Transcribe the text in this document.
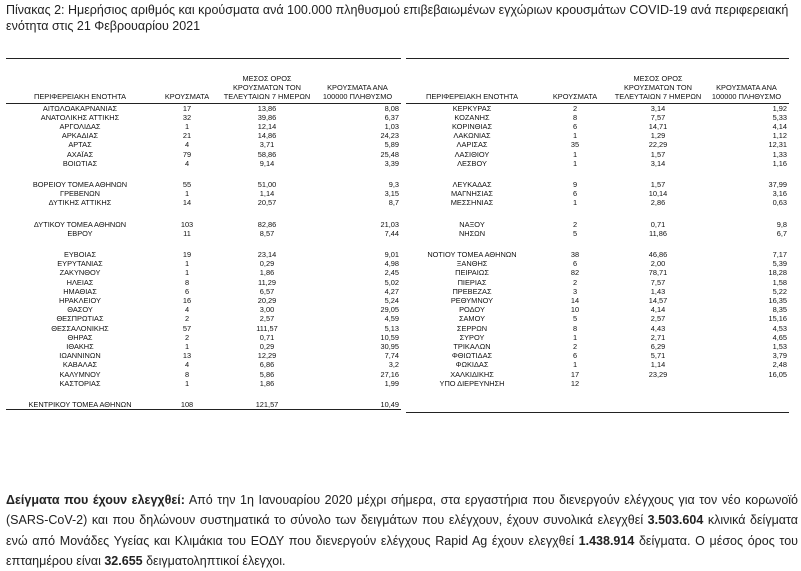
Πίνακας 2: Ημερήσιος αριθμός και κρούσματα ανά 100.000 πληθυσμού επιβεβαιωμένων εγχώριων κρουσμάτων COVID-19 ανά περιφερειακή ενότητα στις 21 Φεβρουαρίου 2021

ΠΕΡΙΦΕΡΕΙΑΚΗ ΕΝΟΤΗΤΑ	ΚΡΟΥΣΜΑΤΑ	ΜΕΣΟΣ ΟΡΟΣ ΚΡΟΥΣΜΑΤΩΝ ΤΟΝ ΤΕΛΕΥΤΑΙΩΝ 7 ΗΜΕΡΩΝ	ΚΡΟΥΣΜΑΤΑ ΑΝΑ 100000 ΠΛΗΘΥΣΜΟ
ΑΙΤΩΛΟΑΚΑΡΝΑΝΙΑΣ	17	13,86	8,08
ΑΝΑΤΟΛΙΚΗΣ ΑΤΤΙΚΗΣ	32	39,86	6,37
ΑΡΓΟΛΙΔΑΣ	1	12,14	1,03
ΑΡΚΑΔΙΑΣ	21	14,86	24,23
ΑΡΤΑΣ	4	3,71	5,89
ΑΧΑΪΑΣ	79	58,86	25,48
ΒΟΙΩΤΙΑΣ	4	9,14	3,39

ΒΟΡΕΙΟΥ ΤΟΜΕΑ ΑΘΗΝΩΝ	55	51,00	9,3
ΓΡΕΒΕΝΩΝ	1	1,14	3,15
ΔΥΤΙΚΗΣ ΑΤΤΙΚΗΣ	14	20,57	8,7

ΔΥΤΙΚΟΥ ΤΟΜΕΑ ΑΘΗΝΩΝ	103	82,86	21,03
ΕΒΡΟΥ	11	8,57	7,44

ΕΥΒΟΙΑΣ	19	23,14	9,01
ΕΥΡΥΤΑΝΙΑΣ	1	0,29	4,98
ΖΑΚΥΝΘΟΥ	1	1,86	2,45
ΗΛΕΙΑΣ	8	11,29	5,02
ΗΜΑΘΙΑΣ	6	6,57	4,27
ΗΡΑΚΛΕΙΟΥ	16	20,29	5,24
ΘΑΣΟΥ	4	3,00	29,05
ΘΕΣΠΡΩΤΙΑΣ	2	2,57	4,59
ΘΕΣΣΑΛΟΝΙΚΗΣ	57	111,57	5,13
ΘΗΡΑΣ	2	0,71	10,59
ΙΘΑΚΗΣ	1	0,29	30,95
ΙΩΑΝΝΙΝΩΝ	13	12,29	7,74
ΚΑΒΑΛΑΣ	4	6,86	3,2
ΚΑΛΥΜΝΟΥ	8	5,86	27,16
ΚΑΣΤΟΡΙΑΣ	1	1,86	1,99

ΚΕΝΤΡΙΚΟΥ ΤΟΜΕΑ ΑΘΗΝΩΝ	108	121,57	10,49

ΠΕΡΙΦΕΡΕΙΑΚΗ ΕΝΟΤΗΤΑ	ΚΡΟΥΣΜΑΤΑ	ΜΕΣΟΣ ΟΡΟΣ ΚΡΟΥΣΜΑΤΩΝ ΤΟΝ ΤΕΛΕΥΤΑΙΩΝ 7 ΗΜΕΡΩΝ	ΚΡΟΥΣΜΑΤΑ ΑΝΑ 100000 ΠΛΗΘΥΣΜΟ
ΚΕΡΚΥΡΑΣ	2	3,14	1,92
ΚΟΖΑΝΗΣ	8	7,57	5,33
ΚΟΡΙΝΘΙΑΣ	6	14,71	4,14
ΛΑΚΩΝΙΑΣ	1	1,29	1,12
ΛΑΡΙΣΑΣ	35	22,29	12,31
ΛΑΣΙΘΙΟΥ	1	1,57	1,33
ΛΕΣΒΟΥ	1	3,14	1,16

ΛΕΥΚΑΔΑΣ	9	1,57	37,99
ΜΑΓΝΗΣΙΑΣ	6	10,14	3,16
ΜΕΣΣΗΝΙΑΣ	1	2,86	0,63

ΝΑΞΟΥ	2	0,71	9,8
ΝΗΣΩΝ	5	11,86	6,7

ΝΟΤΙΟΥ ΤΟΜΕΑ ΑΘΗΝΩΝ	38	46,86	7,17
ΞΑΝΘΗΣ	6	2,00	5,39
ΠΕΙΡΑΙΩΣ	82	78,71	18,28
ΠΙΕΡΙΑΣ	2	7,57	1,58
ΠΡΕΒΕΖΑΣ	3	1,43	5,22
ΡΕΘΥΜΝΟΥ	14	14,57	16,35
ΡΟΔΟΥ	10	4,14	8,35
ΣΑΜΟΥ	5	2,57	15,16
ΣΕΡΡΩΝ	8	4,43	4,53
ΣΥΡΟΥ	1	2,71	4,65
ΤΡΙΚΑΛΩΝ	2	6,29	1,53
ΦΘΙΩΤΙΔΑΣ	6	5,71	3,79
ΦΩΚΙΔΑΣ	1	1,14	2,48
ΧΑΛΚΙΔΙΚΗΣ	17	23,29	16,05
ΥΠΟ ΔΙΕΡΕΥΝΗΣΗ	12		

Δείγματα που έχουν ελεγχθεί: Από την 1η Ιανουαρίου 2020 μέχρι σήμερα, στα εργαστήρια που διενεργούν ελέγχους για τον νέο κορωνοϊό (SARS-CoV-2) και που δηλώνουν συστηματικά το σύνολο των δειγμάτων που ελέγχουν, έχουν συνολικά ελεγχθεί 3.503.604 κλινικά δείγματα ενώ από Μονάδες Υγείας και Κλιμάκια του ΕΟΔΥ που διενεργούν ελέγχους Rapid Ag έχουν ελεγχθεί 1.438.914 δείγματα. Ο μέσος όρος του επταημέρου είναι 32.655 δειγματοληπτικοί έλεγχοι.
